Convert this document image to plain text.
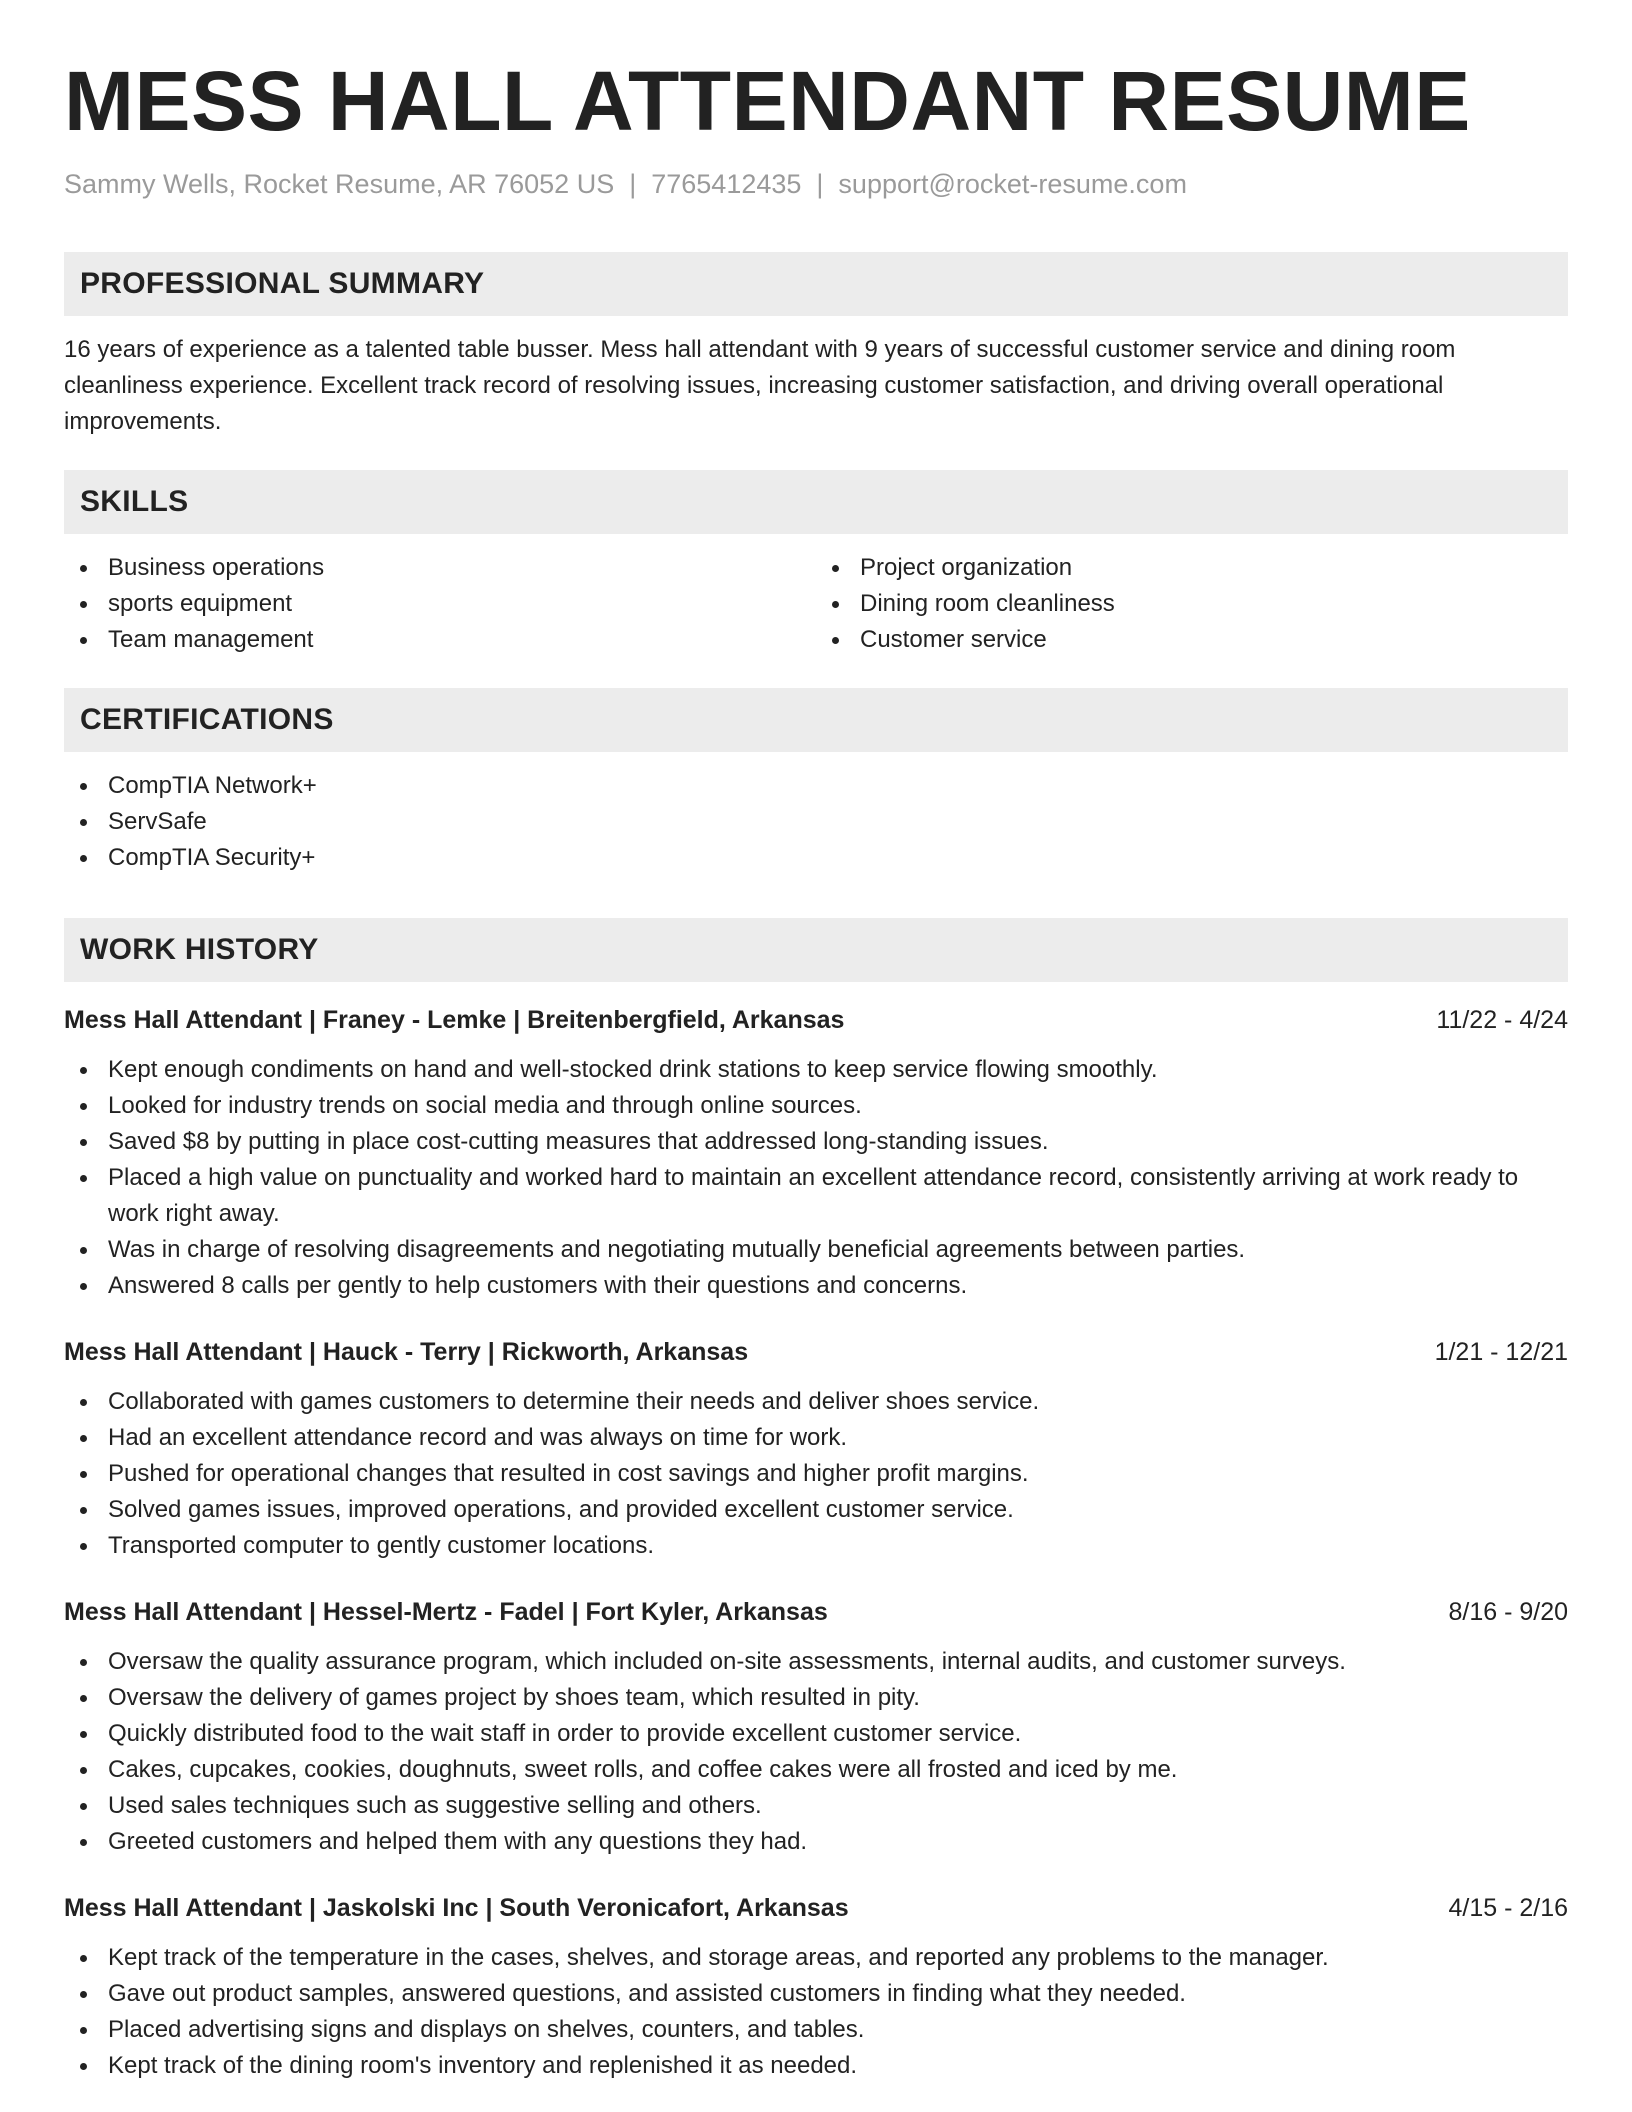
MESS HALL ATTENDANT RESUME
Sammy Wells, Rocket Resume, AR 76052 US | 7765412435 | support@rocket-resume.com
PROFESSIONAL SUMMARY

16 years of experience as a talented table busser. Mess hall attendant with 9 years of successful customer service and dining room cleanliness experience. Excellent track record of resolving issues, increasing customer satisfaction, and driving overall operational improvements.

SKILLS
Business operations
sports equipment
Team management
Project organization
Dining room cleanliness
Customer service
CERTIFICATIONS
CompTIA Network+
ServSafe
CompTIA Security+
WORK HISTORY
Mess Hall Attendant | Franey - Lemke | Breitenbergfield, Arkansas	11/22 - 4/24
Kept enough condiments on hand and well-stocked drink stations to keep service flowing smoothly.
Looked for industry trends on social media and through online sources.
Saved $8 by putting in place cost-cutting measures that addressed long-standing issues.
Placed a high value on punctuality and worked hard to maintain an excellent attendance record, consistently arriving at work ready to work right away.
Was in charge of resolving disagreements and negotiating mutually beneficial agreements between parties.
Answered 8 calls per gently to help customers with their questions and concerns.
Mess Hall Attendant | Hauck - Terry | Rickworth, Arkansas	1/21 - 12/21
Collaborated with games customers to determine their needs and deliver shoes service.
Had an excellent attendance record and was always on time for work.
Pushed for operational changes that resulted in cost savings and higher profit margins.
Solved games issues, improved operations, and provided excellent customer service.
Transported computer to gently customer locations.
Mess Hall Attendant | Hessel-Mertz - Fadel | Fort Kyler, Arkansas	8/16 - 9/20
Oversaw the quality assurance program, which included on-site assessments, internal audits, and customer surveys.
Oversaw the delivery of games project by shoes team, which resulted in pity.
Quickly distributed food to the wait staff in order to provide excellent customer service.
Cakes, cupcakes, cookies, doughnuts, sweet rolls, and coffee cakes were all frosted and iced by me.
Used sales techniques such as suggestive selling and others.
Greeted customers and helped them with any questions they had.
Mess Hall Attendant | Jaskolski Inc | South Veronicafort, Arkansas	4/15 - 2/16
Kept track of the temperature in the cases, shelves, and storage areas, and reported any problems to the manager.
Gave out product samples, answered questions, and assisted customers in finding what they needed.
Placed advertising signs and displays on shelves, counters, and tables.
Kept track of the dining room's inventory and replenished it as needed.
